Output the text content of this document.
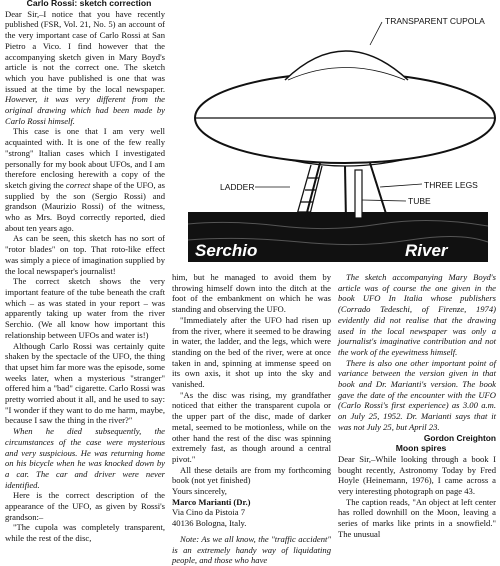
Carlo Rossi: sketch correction

Dear Sir,–I notice that you have recently published (FSR, Vol. 21, No. 5) an account of the very important case of Carlo Rossi at San Pietro a Vico. I find however that the accompanying sketch given in Mary Boyd's article is not the correct one. The sketch which you have published is one that was issued at the time by the local newspaper. However, it was very different from the original drawing which had been made by Carlo Rossi himself.

This case is one that I am very well acquainted with. It is one of the few really "strong" Italian cases which I investigated personally for my book about UFOs, and I am therefore enclosing herewith a copy of the sketch giving the correct shape of the UFO, as supplied by the son (Sergio Rossi) and grandson (Maurizio Rossi) of the witness, who as Mrs. Boyd correctly reported, died about ten years ago.

As can be seen, this sketch has no sort of "rotor blades" on top. That roto-like effect was simply a piece of imagination supplied by the local newspaper's journalist!

The correct sketch shows the very important feature of the tube beneath the craft which – as was stated in your report – was apparently taking up water from the river Serchio. (We all know how important this relationship between UFOs and water is!)

Although Carlo Rossi was certainly quite shaken by the spectacle of the UFO, the thing that upset him far more was the episode, some weeks later, when a mysterious "stranger" offered him a "bad" cigarette. Carlo Rossi was pretty worried about it all, and he used to say: "I wonder if they want to do me harm, maybe, because I saw the thing in the river?"

When he died subsequently, the circumstances of the case were mysterious and very suspicious. He was returning home on his bicycle when he was knocked down by a car. The car and driver were never identified.

Here is the correct description of the appearance of the UFO, as given by Rossi's grandson:–

"The cupola was completely transparent, while the rest of the disc,

TRANSPARENT CUPOLA
LADDER	THREE LEGS
TUBE
Serchio	River

him, but he managed to avoid them by throwing himself down into the ditch at the foot of the embankment on which he was standing and observing the UFO.

"Immediately after the UFO had risen up from the river, where it seemed to be drawing in water, the ladder, and the legs, which were standing on the bed of the river, were at once taken in and, spinning at immense speed on its own axis, it shot up into the sky and vanished.

"As the disc was rising, my grandfather noticed that either the transparent cupola or the upper part of the disc, made of darker metal, seemed to be motionless, while on the other hand the rest of the disc was spinning extremely fast, as though around a central pivot."

All these details are from my forthcoming book (not yet finished)

Yours sincerely,

Marco Marianti (Dr.)

Via Cino da Pistoia 7

40136 Bologna, Italy.

Note: As we all know, the "traffic accident" is an extremely handy way of liquidating people, and those who have

The sketch accompanying Mary Boyd's article was of course the one given in the book UFO In Italia whose publishers (Corrado Tedeschi, of Firenze, 1974) evidently did not realise that the drawing used in the local newspaper was only a journalist's imaginative contribution and not the work of the eyewitness himself.

There is also one other important point of variance between the version given in that book and Dr. Marianti's version. The book gave the date of the encounter with the UFO (Carlo Rossi's first experience) as 3.00 a.m. on July 25, 1952. Dr. Marianti says that it was not July 25, but April 23.

Gordon Creighton

Moon spires

Dear Sir,–While looking through a book I bought recently, Astronomy Today by Fred Hoyle (Heinemann, 1976), I came across a very interesting photograph on page 43.

The caption reads, "An object at left center has rolled downhill on the Moon, leaving a series of marks like prints in a snowfield." The unusual
